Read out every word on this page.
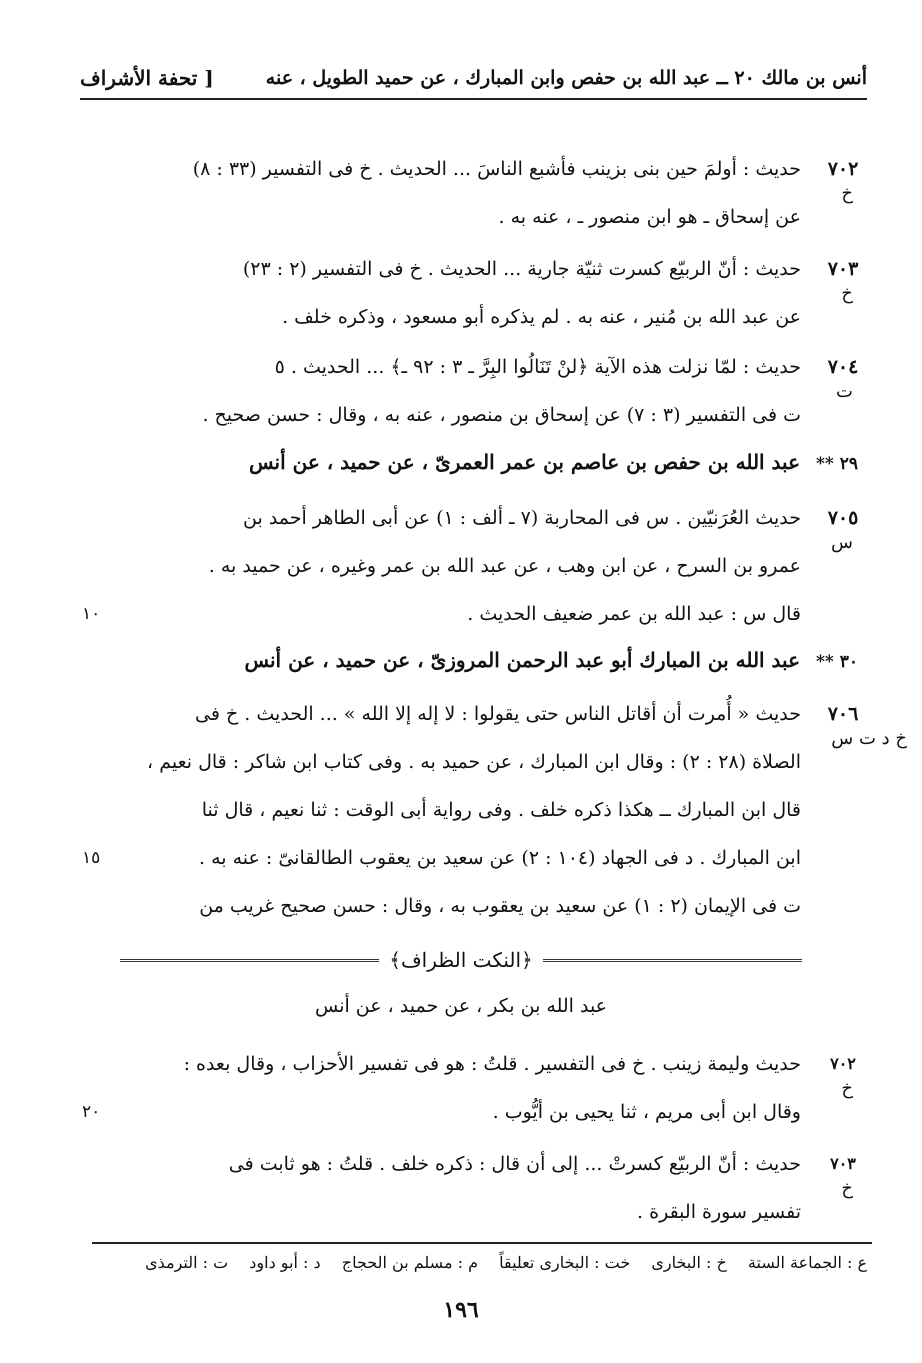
أنس بن مالك ٢٠ ــ عبد الله بن حفص وابن المبارك ، عن حميد الطويل ، عنه
[ تحفة الأشراف
٧٠٢
خ
حديث : أولمَ حين بنى بزينب فأشبع الناسَ ... الحديث . خ فى التفسير (٣٣ : ٨)
عن إسحاق ـ هو ابن منصور ـ ، عنه به .
٧٠٣
خ
حديث : أنّ الربيّع كسرت ثنيّة جارية ... الحديث . خ فى التفسير (٢ : ٢٣)
عن عبد الله بن مُنير ، عنه به . لم يذكره أبو مسعود ، وذكره خلف .
٧٠٤
ت
حديث : لمّا نزلت هذه الآية ﴿لنْ تَنَالُوا البِرَّ ـ ٣ : ٩٢ ـ﴾ ... الحديث . ٥
ت فى التفسير (٣ : ٧) عن إسحاق بن منصور ، عنه به ، وقال : حسن صحيح .
٢٩ ** عبد الله بن حفص بن عاصم بن عمر العمرىّ ، عن حميد ، عن أنس
٧٠٥
س
حديث العُرَنيّين . س فى المحاربة (٧ ـ ألف : ١) عن أبى الطاهر أحمد بن
عمرو بن السرح ، عن ابن وهب ، عن عبد الله بن عمر وغيره ، عن حميد به .
قال س : عبد الله بن عمر ضعيف الحديث .
١٠
٣٠ ** عبد الله بن المبارك أبو عبد الرحمن المروزىّ ، عن حميد ، عن أنس
٧٠٦
خ د ت س
حديث « أُمرت أن أقاتل الناس حتى يقولوا : لا إله إلا الله » ... الحديث . خ فى
الصلاة (٢٨ : ٢) : وقال ابن المبارك ، عن حميد به . وفى كتاب ابن شاكر : قال نعيم ،
قال ابن المبارك ــ هكذا ذكره خلف . وفى رواية أبى الوقت : ثنا نعيم ، قال ثنا
ابن المبارك . د فى الجهاد (١٠٤ : ٢) عن سعيد بن يعقوب الطالقانىّ : عنه به .
ت فى الإيمان (٢ : ١) عن سعيد بن يعقوب به ، وقال : حسن صحيح غريب من
١٥
﴿النكت الظراف﴾
عبد الله بن بكر ، عن حميد ، عن أنس
٧٠٢
خ
حديث وليمة زينب . خ فى التفسير . قلتُ : هو فى تفسير الأحزاب ، وقال بعده :
وقال ابن أبى مريم ، ثنا يحيى بن أيُّوب .
٢٠
٧٠٣
خ
حديث : أنّ الربيّع كسرتْ ... إلى أن قال : ذكره خلف . قلتُ : هو ثابت فى
تفسير سورة البقرة .
ع : الجماعة الستة خ : البخارى خت : البخارى تعليقاً م : مسلم بن الحجاج د : أبو داود ت : الترمذى
١٩٦
